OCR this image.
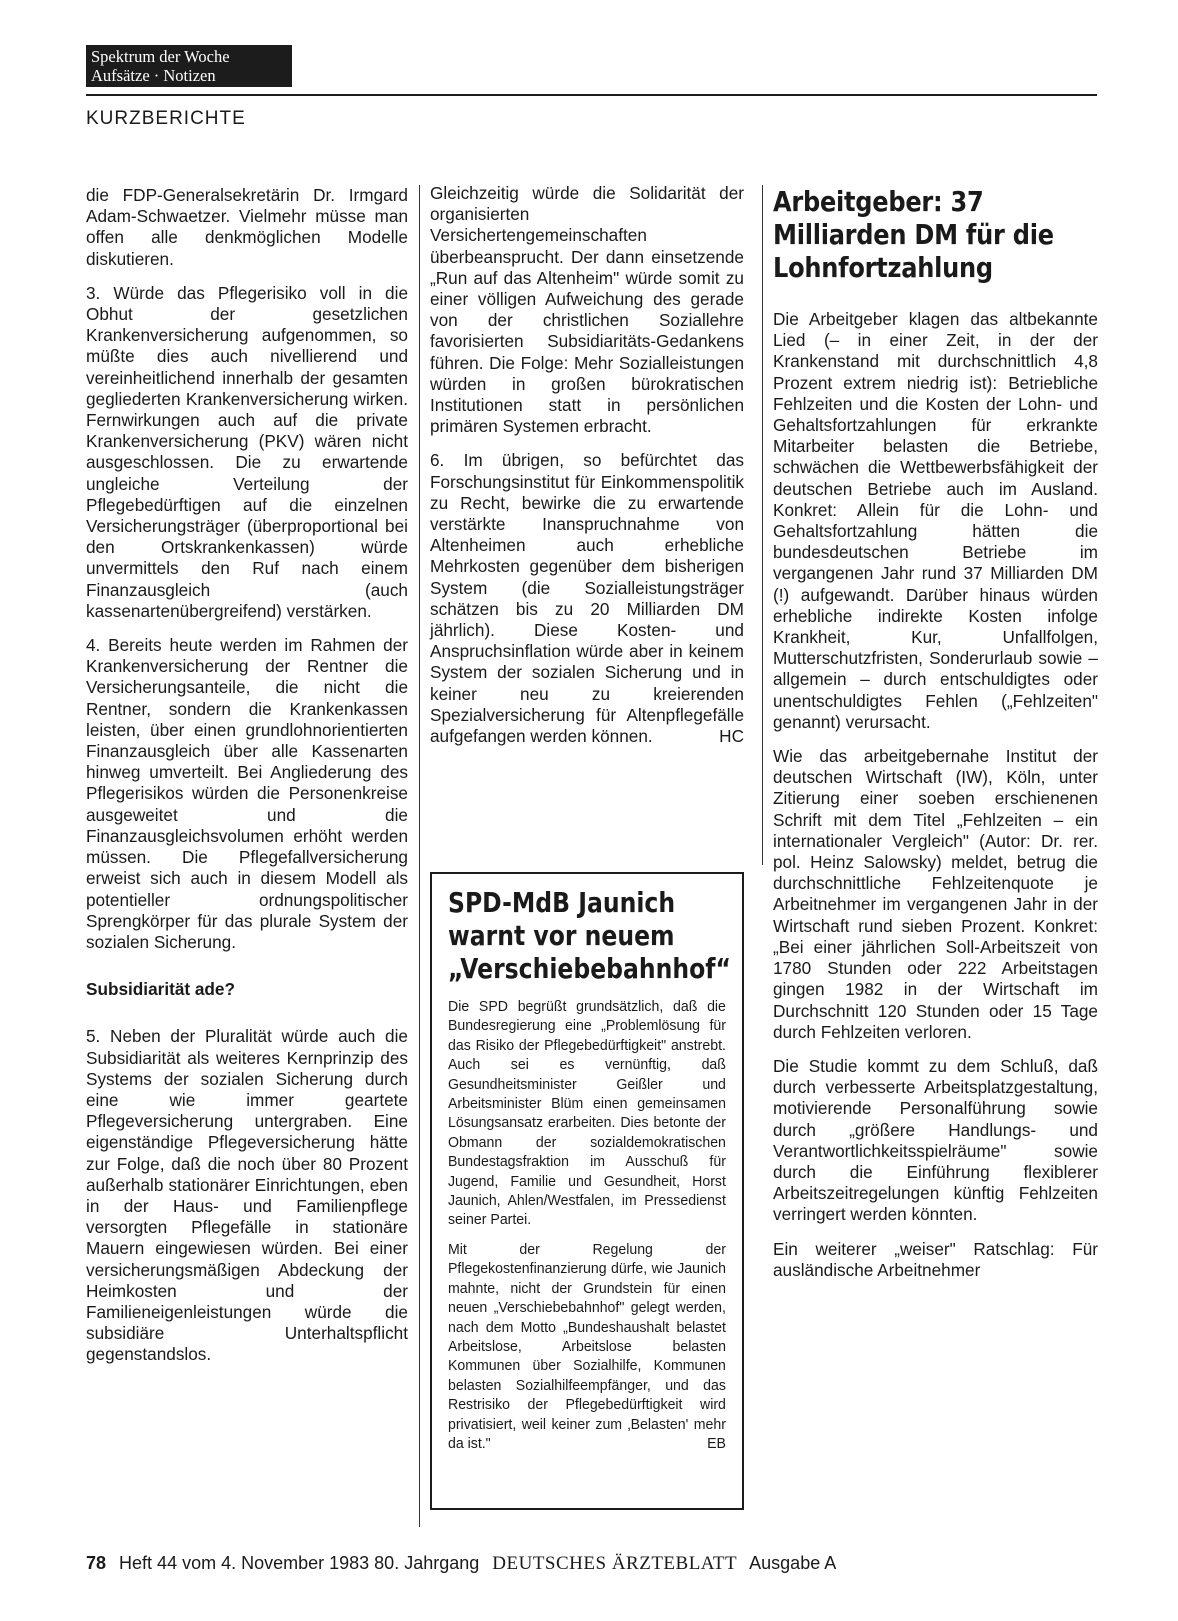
Spektrum der Woche
Aufsätze · Notizen
KURZBERICHTE

die FDP-Generalsekretärin Dr. Irmgard Adam-Schwaetzer. Vielmehr müsse man offen alle denkmöglichen Modelle diskutieren.

3. Würde das Pflegerisiko voll in die Obhut der gesetzlichen Krankenversicherung aufgenommen, so müßte dies auch nivellierend und vereinheitlichend innerhalb der gesamten gegliederten Krankenversicherung wirken. Fernwirkungen auch auf die private Krankenversicherung (PKV) wären nicht ausgeschlossen. Die zu erwartende ungleiche Verteilung der Pflegebedürftigen auf die einzelnen Versicherungsträger (überproportional bei den Ortskrankenkassen) würde unvermittels den Ruf nach einem Finanzausgleich (auch kassenartenübergreifend) verstärken.

4. Bereits heute werden im Rahmen der Krankenversicherung der Rentner die Versicherungsanteile, die nicht die Rentner, sondern die Krankenkassen leisten, über einen grundlohnorientierten Finanzausgleich über alle Kassenarten hinweg umverteilt. Bei Angliederung des Pflegerisikos würden die Personenkreise ausgeweitet und die Finanzausgleichsvolumen erhöht werden müssen. Die Pflegefallversicherung erweist sich auch in diesem Modell als potentieller ordnungspolitischer Sprengkörper für das plurale System der sozialen Sicherung.

Subsidiarität ade?

5. Neben der Pluralität würde auch die Subsidiarität als weiteres Kernprinzip des Systems der sozialen Sicherung durch eine wie immer geartete Pflegeversicherung untergraben. Eine eigenständige Pflegeversicherung hätte zur Folge, daß die noch über 80 Prozent außerhalb stationärer Einrichtungen, eben in der Haus- und Familienpflege versorgten Pflegefälle in stationäre Mauern eingewiesen würden. Bei einer versicherungsmäßigen Abdeckung der Heimkosten und der Familieneigenleistungen würde die subsidiäre Unterhaltspflicht gegenstandslos.

Gleichzeitig würde die Solidarität der organisierten Versichertengemeinschaften überbeansprucht. Der dann einsetzende „Run auf das Altenheim" würde somit zu einer völligen Aufweichung des gerade von der christlichen Soziallehre favorisierten Subsidiaritäts-Gedankens führen. Die Folge: Mehr Sozialleistungen würden in großen bürokratischen Institutionen statt in persönlichen primären Systemen erbracht.

6. Im übrigen, so befürchtet das Forschungsinstitut für Einkommenspolitik zu Recht, bewirke die zu erwartende verstärkte Inanspruchnahme von Altenheimen auch erhebliche Mehrkosten gegenüber dem bisherigen System (die Sozialleistungsträger schätzen bis zu 20 Milliarden DM jährlich). Diese Kosten- und Anspruchsinflation würde aber in keinem System der sozialen Sicherung und in keiner neu zu kreierenden Spezialversicherung für Altenpflegefälle aufgefangen werden können.	HC

SPD-MdB Jaunich warnt vor neuem „Verschiebebahnhof“

Die SPD begrüßt grundsätzlich, daß die Bundesregierung eine „Problemlösung für das Risiko der Pflegebedürftigkeit" anstrebt. Auch sei es vernünftig, daß Gesundheitsminister Geißler und Arbeitsminister Blüm einen gemeinsamen Lösungsansatz erarbeiten. Dies betonte der Obmann der sozialdemokratischen Bundestagsfraktion im Ausschuß für Jugend, Familie und Gesundheit, Horst Jaunich, Ahlen/Westfalen, im Pressedienst seiner Partei.

Mit der Regelung der Pflegekostenfinanzierung dürfe, wie Jaunich mahnte, nicht der Grundstein für einen neuen „Verschiebebahnhof" gelegt werden, nach dem Motto „Bundeshaushalt belastet Arbeitslose, Arbeitslose belasten Kommunen über Sozialhilfe, Kommunen belasten Sozialhilfeempfänger, und das Restrisiko der Pflegebedürftigkeit wird privatisiert, weil keiner zum ‚Belasten' mehr da ist."	EB

Arbeitgeber: 37 Milliarden DM für die Lohnfortzahlung

Die Arbeitgeber klagen das altbekannte Lied (– in einer Zeit, in der der Krankenstand mit durchschnittlich 4,8 Prozent extrem niedrig ist): Betriebliche Fehlzeiten und die Kosten der Lohn- und Gehaltsfortzahlungen für erkrankte Mitarbeiter belasten die Betriebe, schwächen die Wettbewerbsfähigkeit der deutschen Betriebe auch im Ausland. Konkret: Allein für die Lohn- und Gehaltsfortzahlung hätten die bundesdeutschen Betriebe im vergangenen Jahr rund 37 Milliarden DM (!) aufgewandt. Darüber hinaus würden erhebliche indirekte Kosten infolge Krankheit, Kur, Unfallfolgen, Mutterschutzfristen, Sonderurlaub sowie – allgemein – durch entschuldigtes oder unentschuldigtes Fehlen („Fehlzeiten" genannt) verursacht.

Wie das arbeitgebernahe Institut der deutschen Wirtschaft (IW), Köln, unter Zitierung einer soeben erschienenen Schrift mit dem Titel „Fehlzeiten – ein internationaler Vergleich" (Autor: Dr. rer. pol. Heinz Salowsky) meldet, betrug die durchschnittliche Fehlzeitenquote je Arbeitnehmer im vergangenen Jahr in der Wirtschaft rund sieben Prozent. Konkret: „Bei einer jährlichen Soll-Arbeitszeit von 1780 Stunden oder 222 Arbeitstagen gingen 1982 in der Wirtschaft im Durchschnitt 120 Stunden oder 15 Tage durch Fehlzeiten verloren.

Die Studie kommt zu dem Schluß, daß durch verbesserte Arbeitsplatzgestaltung, motivierende Personalführung sowie durch „größere Handlungs- und Verantwortlichkeitsspielräume" sowie durch die Einführung flexiblerer Arbeitszeitregelungen künftig Fehlzeiten verringert werden könnten.

Ein weiterer „weiser" Ratschlag: Für ausländische Arbeitnehmer

78 Heft 44 vom 4. November 1983 80. Jahrgang DEUTSCHES ÄRZTEBLATT Ausgabe A
